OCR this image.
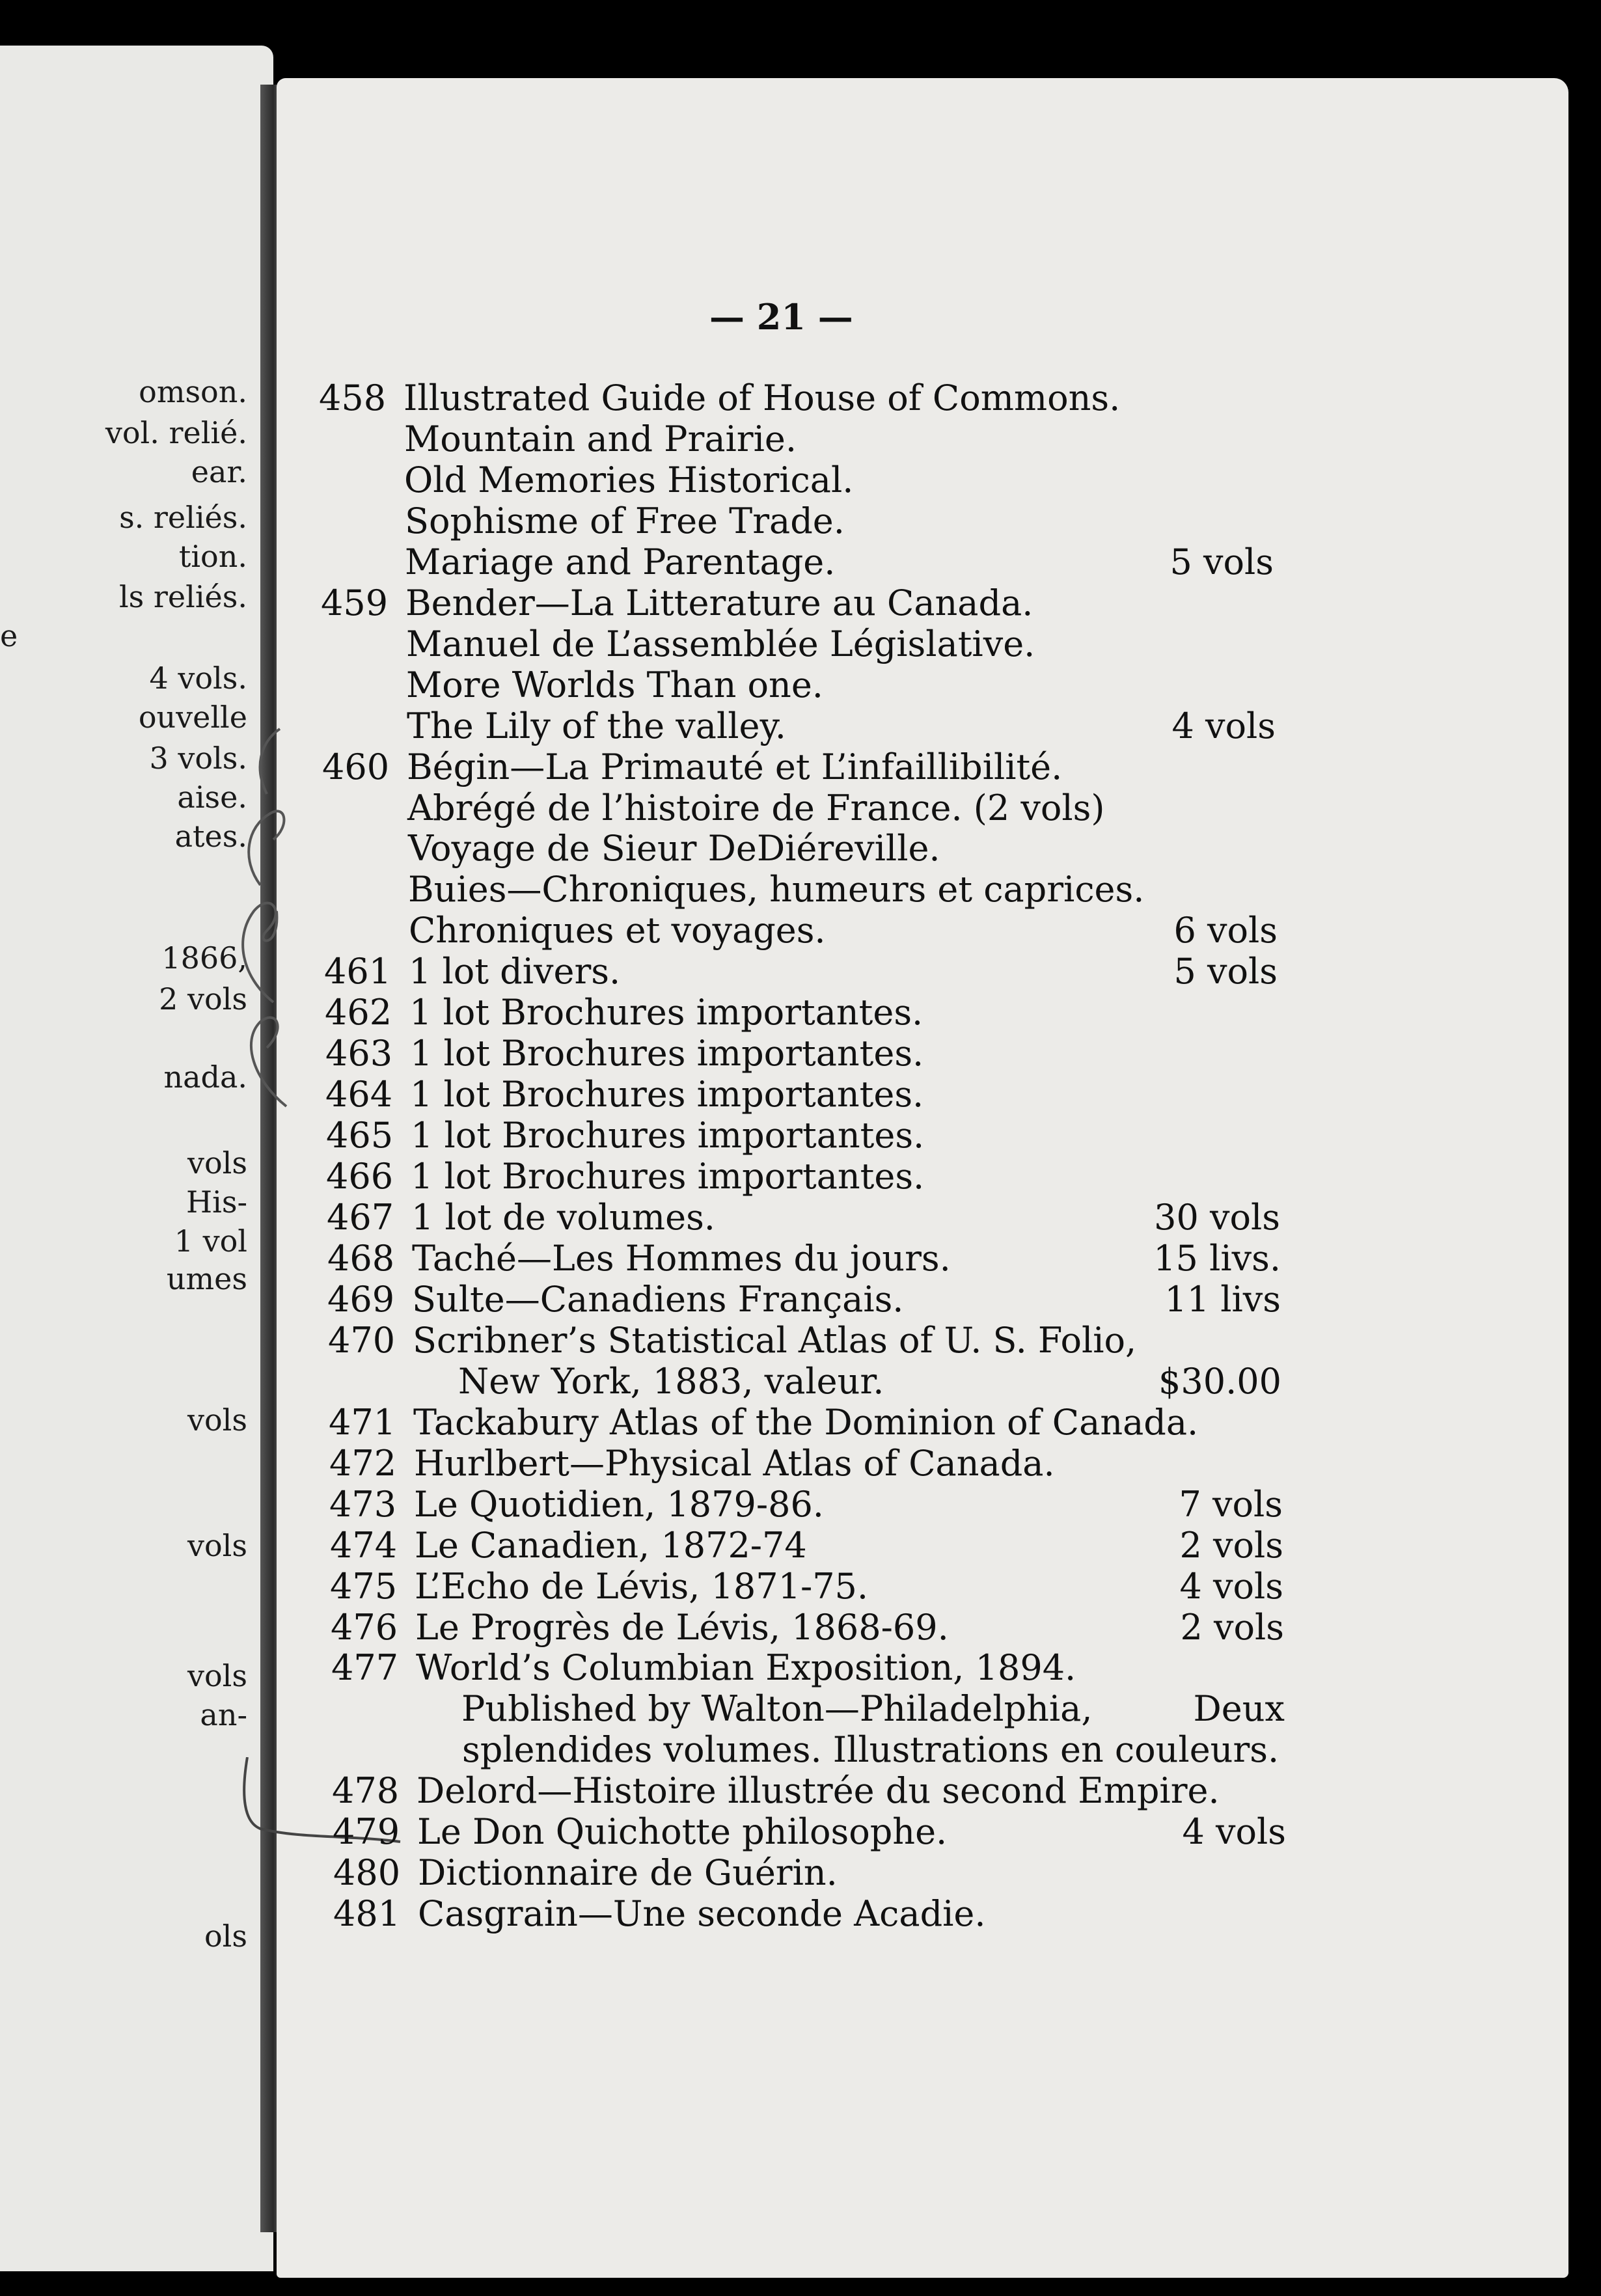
omson.
vol. relié.
ear.
s. reliés.
tion.
ls reliés.
e
4 vols.
ouvelle
3 vols.
aise.
ates.
1866,
2 vols
nada.
vols
His-
1 vol
umes
vols
vols
vols
an-
ols
— 21 —
458 Illustrated Guide of House of Commons.
Mountain and Prairie.
Old Memories Historical.
Sophisme of Free Trade.
Mariage and Parentage.	5 vols
459 Bender—La Litterature au Canada.
Manuel de L’assemblée Législative.
More Worlds Than one.
The Lily of the valley.	4 vols
460 Bégin—La Primauté et L’infaillibilité.
Abrégé de l’histoire de France. (2 vols)
Voyage de Sieur DeDiéreville.
Buies—Chroniques, humeurs et caprices.
Chroniques et voyages.	6 vols
461 1 lot divers.	5 vols
462 1 lot Brochures importantes.
463 1 lot Brochures importantes.
464 1 lot Brochures importantes.
465 1 lot Brochures importantes.
466 1 lot Brochures importantes.
467 1 lot de volumes.	30 vols
468 Taché—Les Hommes du jours.	15 livs.
469 Sulte—Canadiens Français.	11 livs
470 Scribner’s Statistical Atlas of U. S. Folio,
New York, 1883, valeur.	$30.00
471 Tackabury Atlas of the Dominion of Canada.
472 Hurlbert—Physical Atlas of Canada.
473 Le Quotidien, 1879-86.	7 vols
474 Le Canadien, 1872-74	2 vols
475 L’Echo de Lévis, 1871-75.	4 vols
476 Le Progrès de Lévis, 1868-69.	2 vols
477 World’s Columbian Exposition, 1894.
Published by Walton—Philadelphia,	Deux
splendides volumes. Illustrations en couleurs.
478 Delord—Histoire illustrée du second Empire.
479 Le Don Quichotte philosophe.	4 vols
480 Dictionnaire de Guérin.
481 Casgrain—Une seconde Acadie.
